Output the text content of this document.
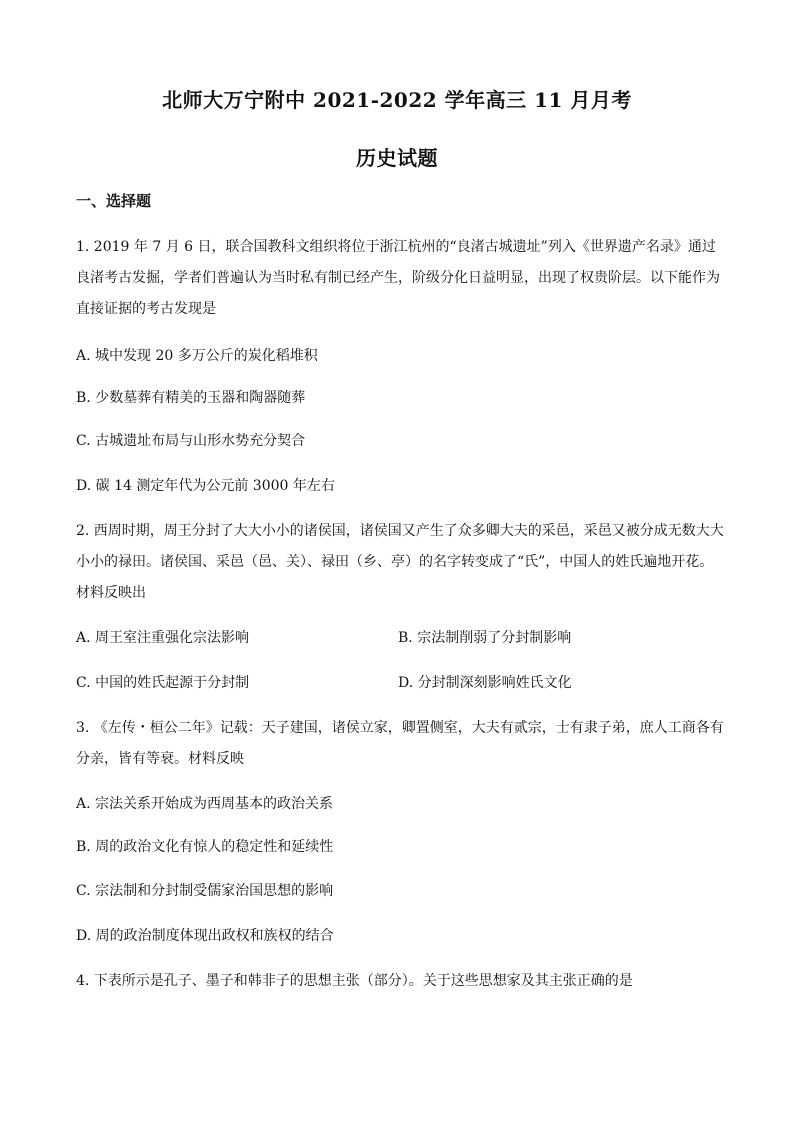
北师大万宁附中 2021-2022 学年高三 11 月月考
历史试题
一、选择题
1. 2019 年 7 月 6 日，联合国教科文组织将位于浙江杭州的“良渚古城遗址”列入《世界遗产名录》通过良渚考古发掘，学者们普遍认为当时私有制已经产生，阶级分化日益明显，出现了权贵阶层。以下能作为直接证据的考古发现是
A. 城中发现 20 多万公斤的炭化稻堆积
B. 少数墓葬有精美的玉器和陶器随葬
C. 古城遗址布局与山形水势充分契合
D. 碳 14 测定年代为公元前 3000 年左右
2. 西周时期，周王分封了大大小小的诸侯国，诸侯国又产生了众多卿大夫的采邑，采邑又被分成无数大大小小的禄田。诸侯国、采邑（邑、关）、禄田（乡、亭）的名字转变成了“氏”，中国人的姓氏遍地开花。材料反映出
A. 周王室注重强化宗法影响	B. 宗法制削弱了分封制影响
C. 中国的姓氏起源于分封制	D. 分封制深刻影响姓氏文化
3. 《左传・桓公二年》记载：天子建国，诸侯立家，卿置侧室，大夫有贰宗，士有隶子弟，庶人工商各有分亲，皆有等衰。材料反映
A. 宗法关系开始成为西周基本的政治关系
B. 周的政治文化有惊人的稳定性和延续性
C. 宗法制和分封制受儒家治国思想的影响
D. 周的政治制度体现出政权和族权的结合
4. 下表所示是孔子、墨子和韩非子的思想主张（部分）。关于这些思想家及其主张正确的是
